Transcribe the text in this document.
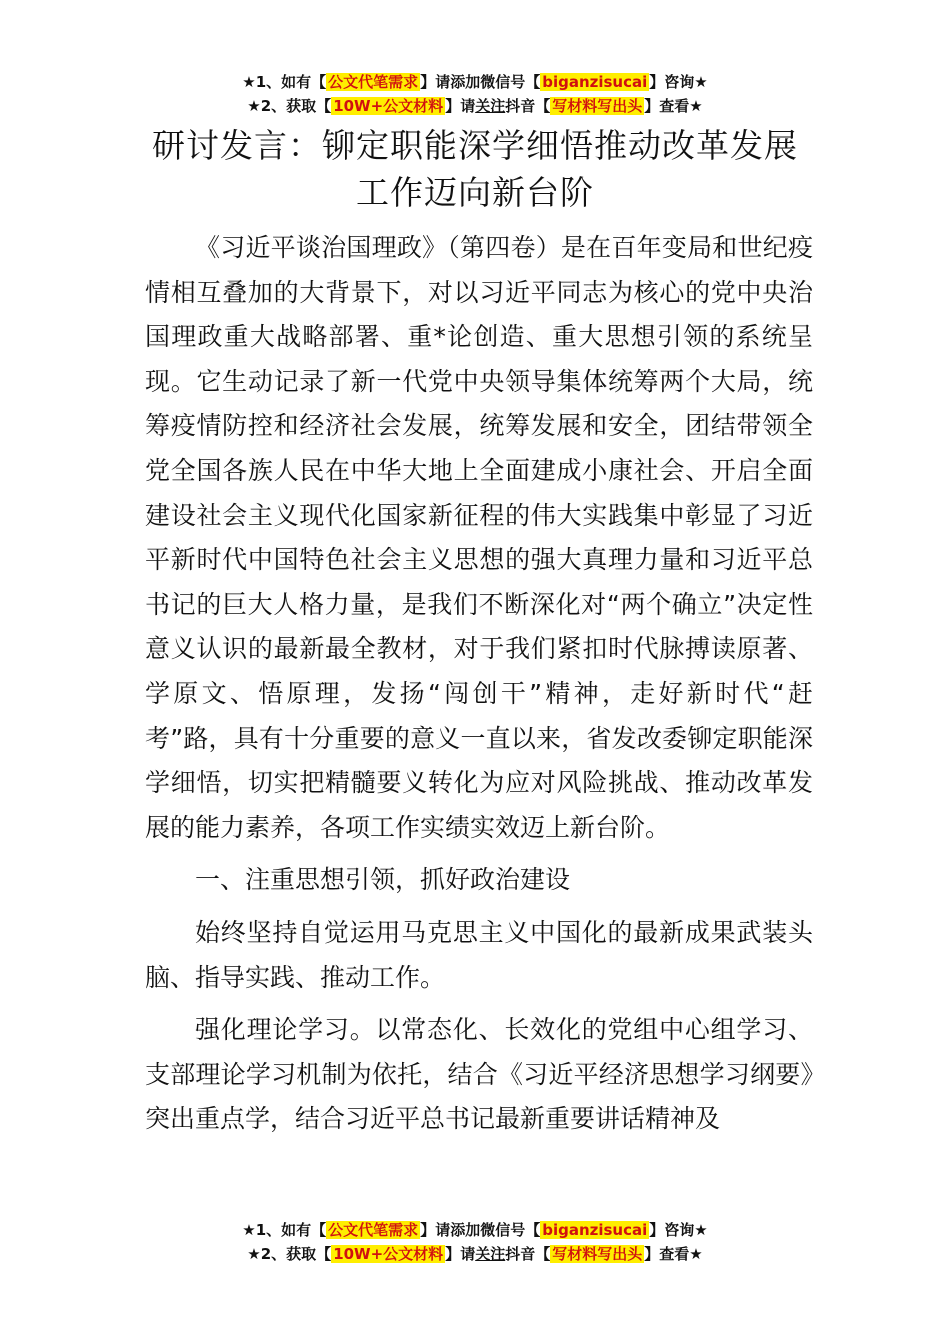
★1、如有【 公文代笔需求 】请添加微信号【 biganzisucai 】咨询★
★2、获取【 10W+公文材料 】请关注抖音【 写材料写出头 】查看★
研讨发言：铆定职能深学细悟推动改革发展
工作迈向新台阶

《习近平谈治国理政》（第四卷）是在百年变局和世纪疫情相互叠加的大背景下，对以习近平同志为核心的党中央治国理政重大战略部署、重*论创造、重大思想引领的系统呈现。它生动记录了新一代党中央领导集体统筹两个大局，统筹疫情防控和经济社会发展，统筹发展和安全，团结带领全党全国各族人民在中华大地上全面建成小康社会、开启全面建设社会主义现代化国家新征程的伟大实践集中彰显了习近平新时代中国特色社会主义思想的强大真理力量和习近平总书记的巨大人格力量，是我们不断深化对“两个确立”决定性意义认识的最新最全教材，对于我们紧扣时代脉搏读原著、学原文、悟原理，发扬“闯创干”精神，走好新时代“赶考”路，具有十分重要的意义一直以来，省发改委铆定职能深学细悟，切实把精髓要义转化为应对风险挑战、推动改革发展的能力素养，各项工作实绩实效迈上新台阶。

一、注重思想引领，抓好政治建设

始终坚持自觉运用马克思主义中国化的最新成果武装头脑、指导实践、推动工作。

强化理论学习。以常态化、长效化的党组中心组学习、支部理论学习机制为依托，结合《习近平经济思想学习纲要》突出重点学，结合习近平总书记最新重要讲话精神及

★1、如有【 公文代笔需求 】请添加微信号【 biganzisucai 】咨询★
★2、获取【 10W+公文材料 】请关注抖音【 写材料写出头 】查看★
